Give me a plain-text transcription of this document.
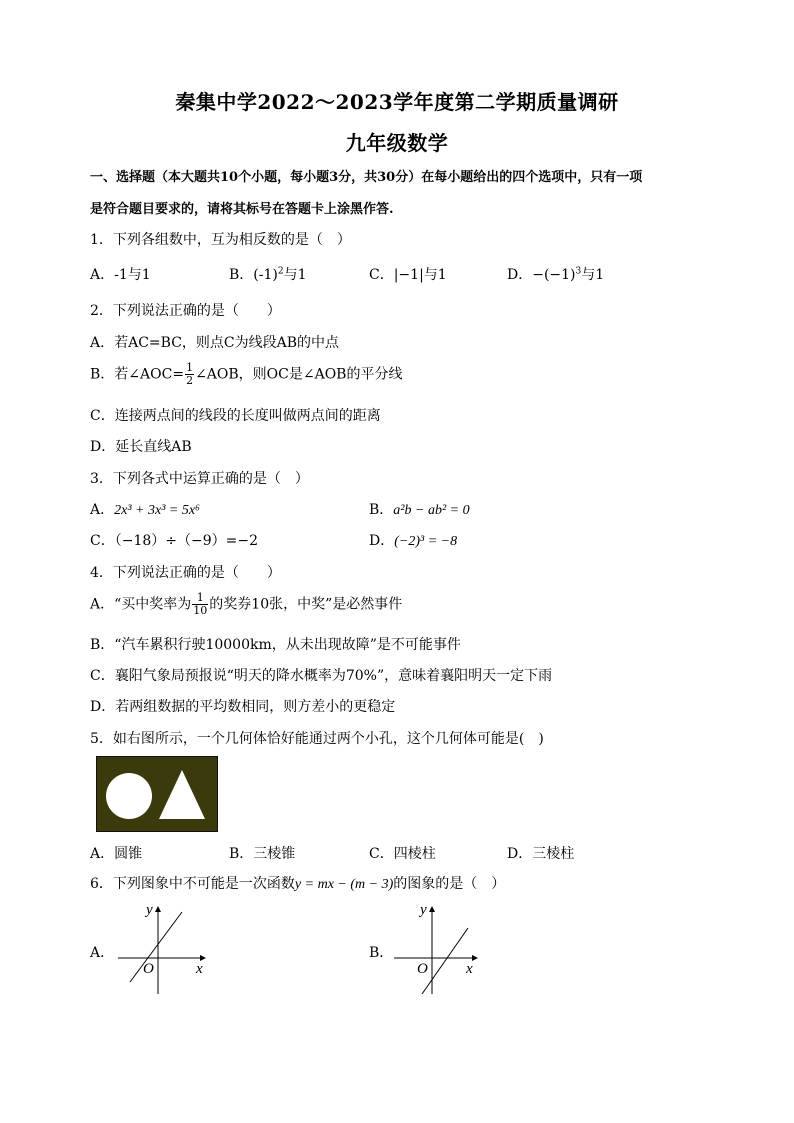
秦集中学2022～2023学年度第二学期质量调研
九年级数学
一、选择题（本大题共10个小题，每小题3分，共30分）在每小题给出的四个选项中，只有一项
是符合题目要求的，请将其标号在答题卡上涂黑作答.
1．下列各组数中，互为相反数的是（　）
A．-1与1	B．$(-1)^2$与1	C．|−1|与1	D．$-(-1)^3$与1
2．下列说法正确的是（　　）
A．若AC=BC，则点C为线段AB的中点
B．若∠AOC= $\frac{1}{2}$ ∠AOB，则OC是∠AOB的平分线
C．连接两点间的线段的长度叫做两点间的距离
D．延长直线AB
3．下列各式中运算正确的是（　）
A．2x³ + 3x³ = 5x⁶	B．a²b − ab² = 0
C．（−18）÷（−9）=−2	D．(−2)³ = −8
4．下列说法正确的是（　　）
A．“买中奖率为 $\frac{1}{10}$ 的奖券10张，中奖”是必然事件
B．“汽车累积行驶10000km，从未出现故障”是不可能事件
C．襄阳气象局预报说“明天的降水概率为70%”，意味着襄阳明天一定下雨
D．若两组数据的平均数相同，则方差小的更稳定
5．如右图所示，一个几何体恰好能通过两个小孔，这个几何体可能是(　)
A．圆锥	B．三棱锥	C．四棱柱	D．三棱柱
6．下列图象中不可能是一次函数y = mx − (m − 3)的图象的是（　）
A．
x
y
O
B．
x
y
O
